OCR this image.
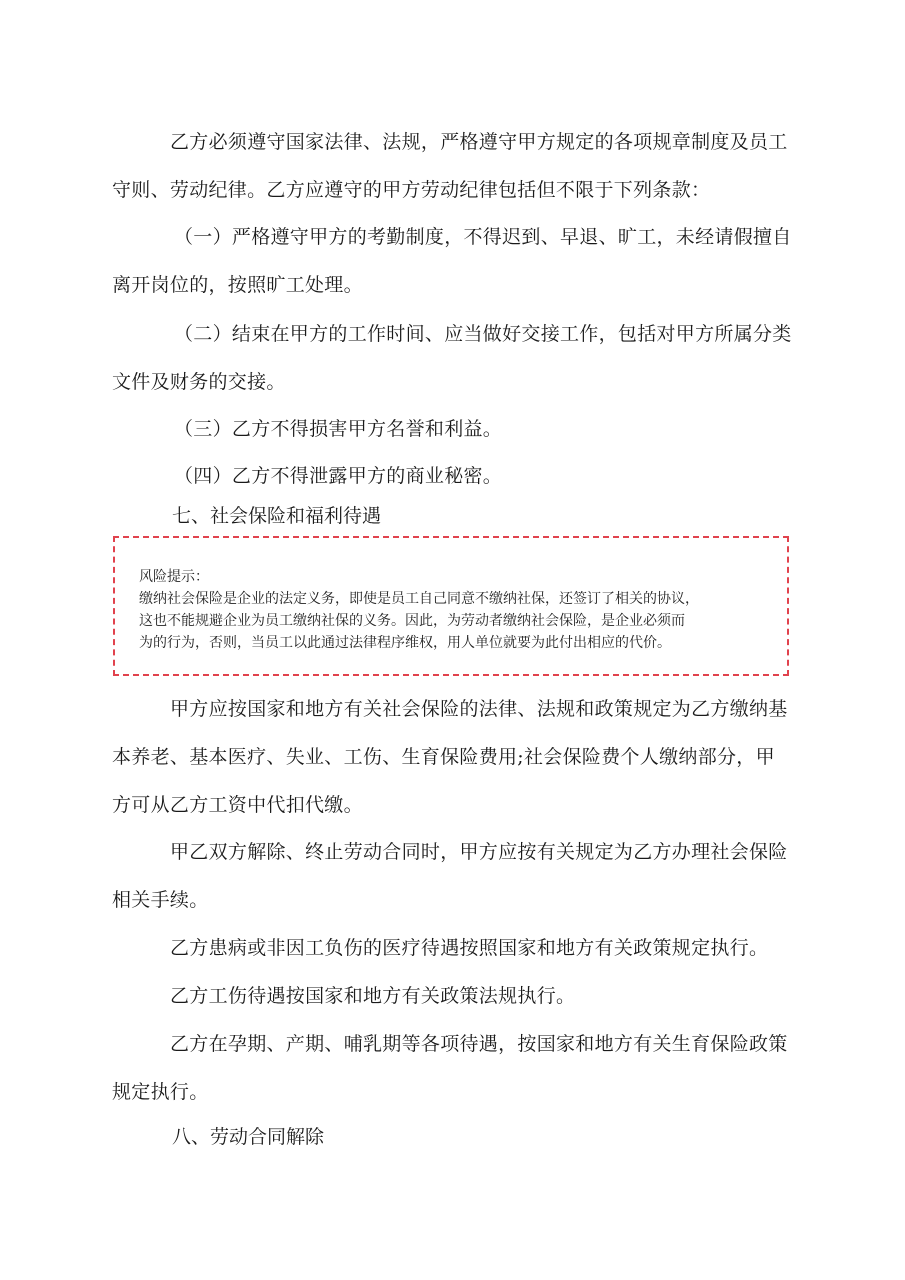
乙方必须遵守国家法律、法规，严格遵守甲方规定的各项规章制度及员工
守则、劳动纪律。乙方应遵守的甲方劳动纪律包括但不限于下列条款：
（一）严格遵守甲方的考勤制度，不得迟到、早退、旷工，未经请假擅自
离开岗位的，按照旷工处理。
（二）结束在甲方的工作时间、应当做好交接工作，包括对甲方所属分类
文件及财务的交接。
（三）乙方不得损害甲方名誉和利益。
（四）乙方不得泄露甲方的商业秘密。
七、社会保险和福利待遇
风险提示：
缴纳社会保险是企业的法定义务，即使是员工自己同意不缴纳社保，还签订了相关的协议，
这也不能规避企业为员工缴纳社保的义务。因此，为劳动者缴纳社会保险，是企业必须而
为的行为，否则，当员工以此通过法律程序维权，用人单位就要为此付出相应的代价。
甲方应按国家和地方有关社会保险的法律、法规和政策规定为乙方缴纳基
本养老、基本医疗、失业、工伤、生育保险费用;社会保险费个人缴纳部分，甲
方可从乙方工资中代扣代缴。
甲乙双方解除、终止劳动合同时，甲方应按有关规定为乙方办理社会保险
相关手续。
乙方患病或非因工负伤的医疗待遇按照国家和地方有关政策规定执行。
乙方工伤待遇按国家和地方有关政策法规执行。
乙方在孕期、产期、哺乳期等各项待遇，按国家和地方有关生育保险政策
规定执行。
八、劳动合同解除
